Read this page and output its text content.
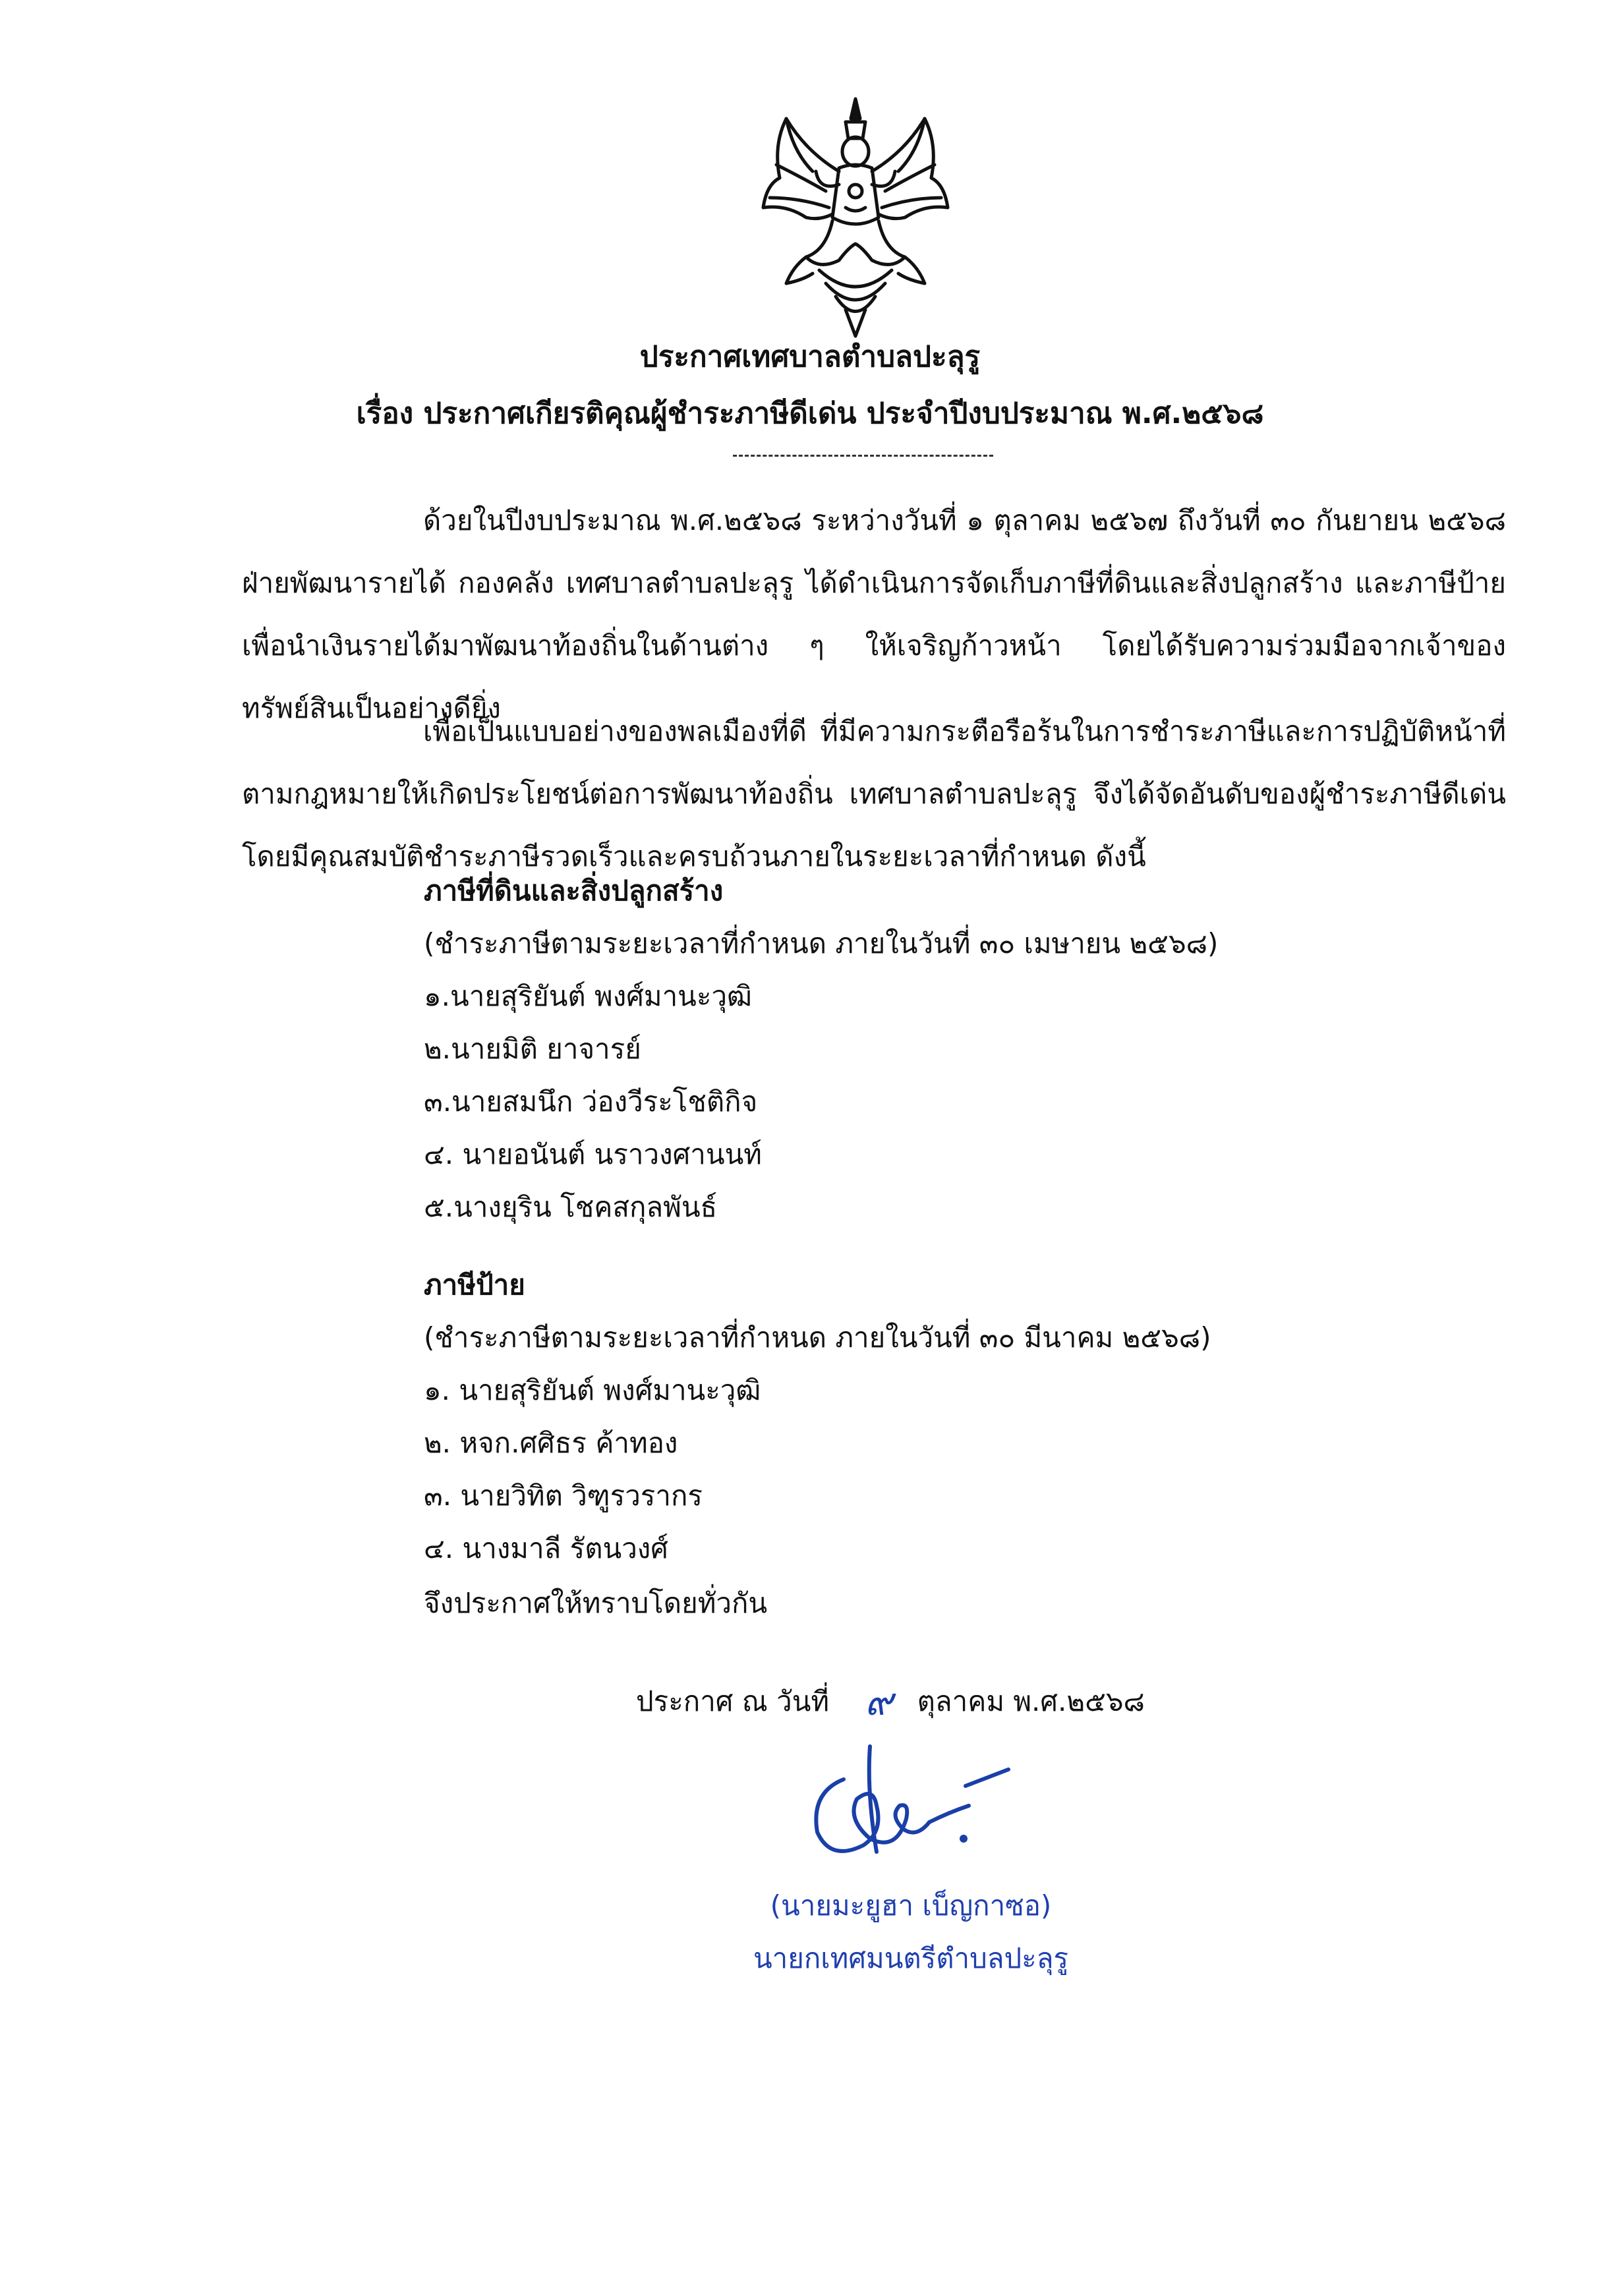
ประกาศเทศบาลตำบลปะลุรู
เรื่อง ประกาศเกียรติคุณผู้ชำระภาษีดีเด่น ประจำปีงบประมาณ พ.ศ.๒๕๖๘

ด้วยในปีงบประมาณ พ.ศ.๒๕๖๘ ระหว่างวันที่ ๑ ตุลาคม ๒๕๖๗ ถึงวันที่ ๓๐ กันยายน ๒๕๖๘ ฝ่ายพัฒนารายได้ กองคลัง เทศบาลตำบลปะลุรู ได้ดำเนินการจัดเก็บภาษีที่ดินและสิ่งปลูกสร้าง และภาษีป้าย เพื่อนำเงินรายได้มาพัฒนาท้องถิ่นในด้านต่าง ๆ ให้เจริญก้าวหน้า โดยได้รับความร่วมมือจากเจ้าของทรัพย์สินเป็นอย่างดียิ่ง

เพื่อเป็นแบบอย่างของพลเมืองที่ดี ที่มีความกระตือรือร้นในการชำระภาษีและการปฏิบัติหน้าที่ตามกฎหมายให้เกิดประโยชน์ต่อการพัฒนาท้องถิ่น เทศบาลตำบลปะลุรู จึงได้จัดอันดับของผู้ชำระภาษีดีเด่น โดยมีคุณสมบัติชำระภาษีรวดเร็วและครบถ้วนภายในระยะเวลาที่กำหนด ดังนี้

ภาษีที่ดินและสิ่งปลูกสร้าง
(ชำระภาษีตามระยะเวลาที่กำหนด ภายในวันที่ ๓๐ เมษายน ๒๕๖๘)
๑.นายสุริยันต์ พงศ์มานะวุฒิ
๒.นายมิติ ยาจารย์
๓.นายสมนึก ว่องวีระโชติกิจ
๔. นายอนันต์ นราวงศานนท์
๕.นางยุริน โชคสกุลพันธ์
ภาษีป้าย
(ชำระภาษีตามระยะเวลาที่กำหนด ภายในวันที่ ๓๐ มีนาคม ๒๕๖๘)
๑. นายสุริยันต์ พงศ์มานะวุฒิ
๒. หจก.ศศิธร ค้าทอง
๓. นายวิทิต วิฑูรวรากร
๔. นางมาลี รัตนวงศ์
จึงประกาศให้ทราบโดยทั่วกัน
ประกาศ ณ วันที่	ตุลาคม พ.ศ.๒๕๖๘
๙
(นายมะยูฮา เบ็ญกาซอ)
นายกเทศมนตรีตำบลปะลุรู
